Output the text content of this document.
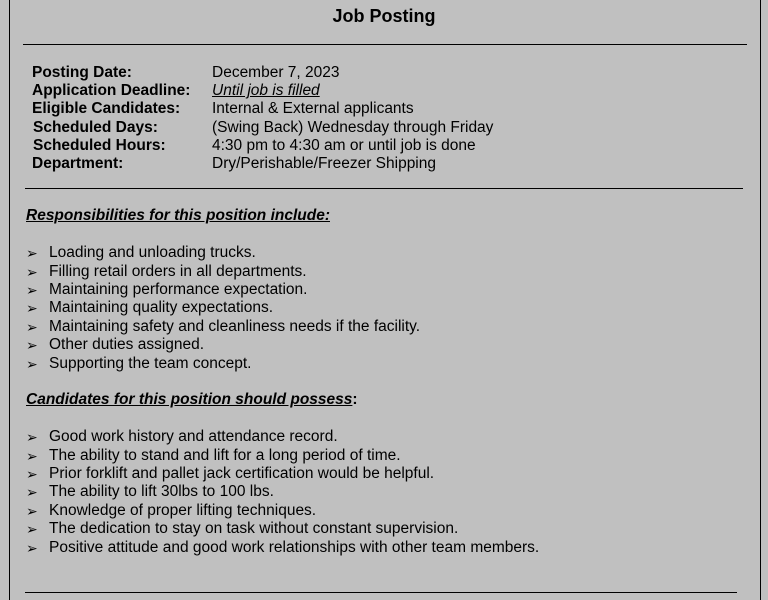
Job Posting
Posting Date:	December 7, 2023
Application Deadline: Until job is filled
Eligible Candidates: Internal & External applicants
Scheduled Days:	(Swing Back) Wednesday through Friday
Scheduled Hours:	4:30 pm to 4:30 am or until job is done
Department:	Dry/Perishable/Freezer Shipping
Responsibilities for this position include:
➢ Loading and unloading trucks.
➢ Filling retail orders in all departments.
➢ Maintaining performance expectation.
➢ Maintaining quality expectations.
➢ Maintaining safety and cleanliness needs if the facility.
➢ Other duties assigned.
➢ Supporting the team concept.
Candidates for this position should possess:
➢ Good work history and attendance record.
➢ The ability to stand and lift for a long period of time.
➢ Prior forklift and pallet jack certification would be helpful.
➢ The ability to lift 30lbs to 100 lbs.
➢ Knowledge of proper lifting techniques.
➢ The dedication to stay on task without constant supervision.
➢ Positive attitude and good work relationships with other team members.
